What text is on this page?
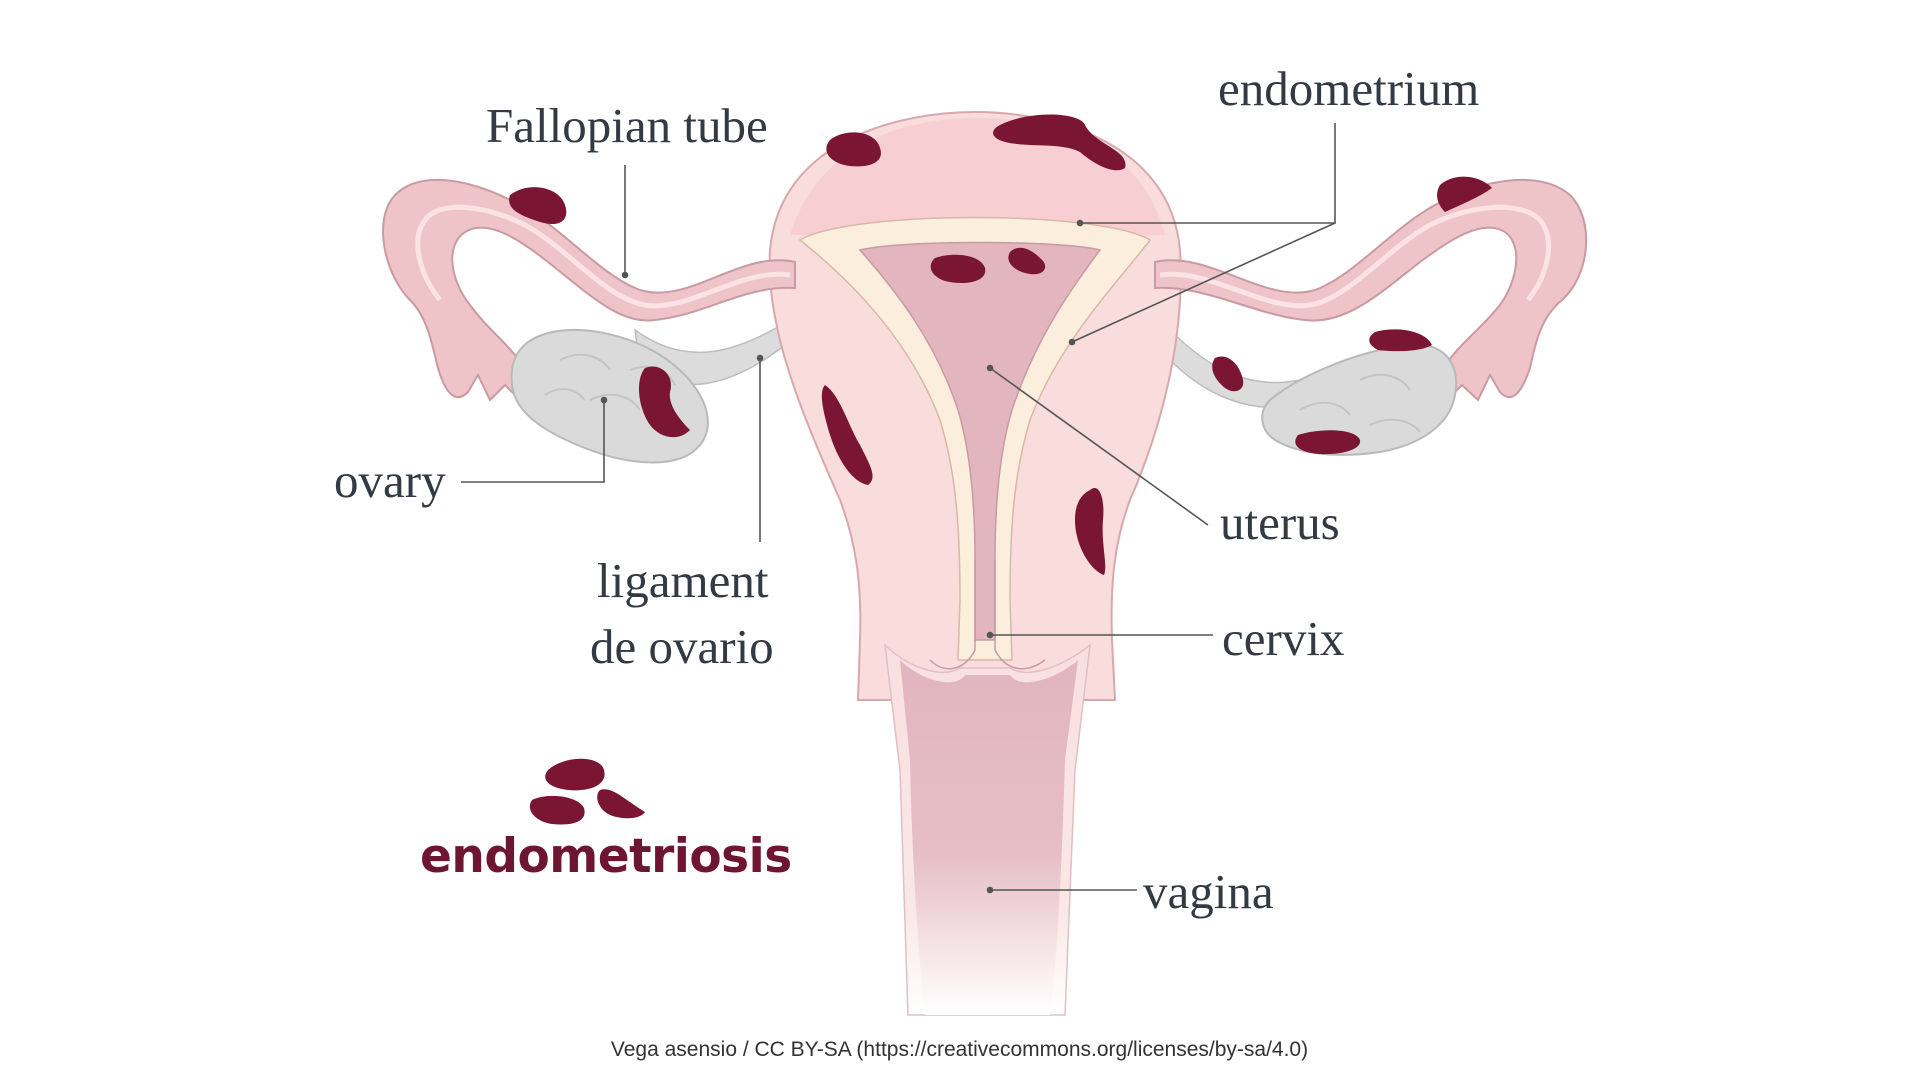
Fallopian tube

endometrium

ovary

ligament

de ovario

uterus

cervix

vagina

endometriosis

Vega asensio / CC BY-SA (https://creativecommons.org/licenses/by-sa/4.0)
